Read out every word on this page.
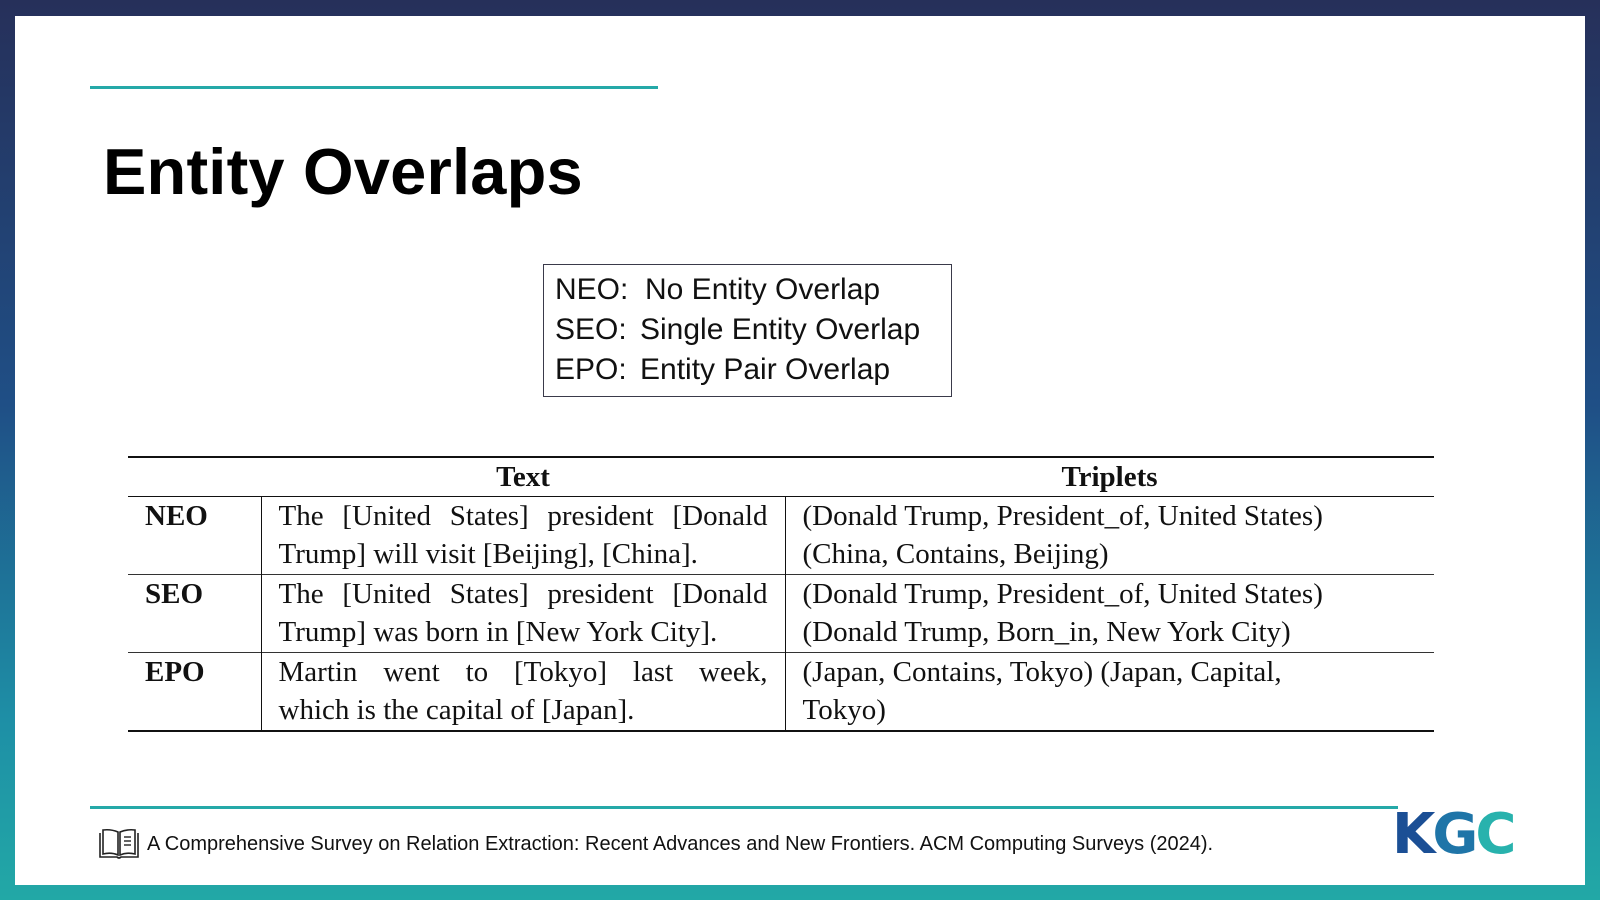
Entity Overlaps
NEO: No Entity Overlap
SEO: Single Entity Overlap
EPO: Entity Pair Overlap
	Text	Triplets
NEO	The [United States] president [Donald
Trump] will visit [Beijing], [China].	(Donald Trump, President_of, United States)
(China, Contains, Beijing)

SEO	The [United States] president [Donald
Trump] was born in [New York City].	(Donald Trump, President_of, United States)
(Donald Trump, Born_in, New York City)

EPO	Martin went to [Tokyo] last week,
which is the capital of [Japan].	(Japan, Contains, Tokyo) (Japan, Capital,
Tokyo)
A Comprehensive Survey on Relation Extraction: Recent Advances and New Frontiers. ACM Computing Surveys (2024).	KGC
